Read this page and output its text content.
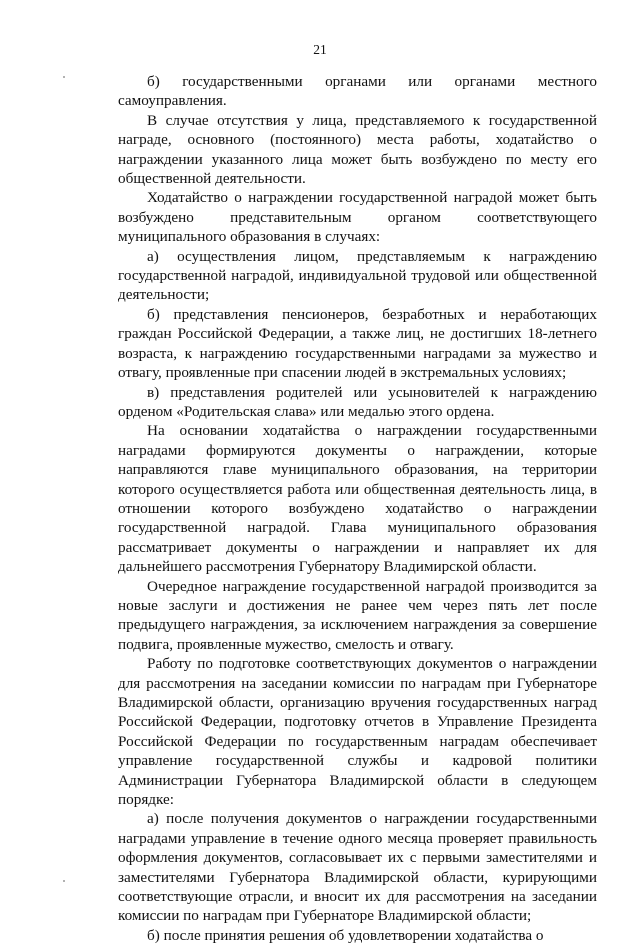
21

б) государственными органами или органами местного самоуправления.

В случае отсутствия у лица, представляемого к государственной награде, основного (постоянного) места работы, ходатайство о награждении указанного лица может быть возбуждено по месту его общественной деятельности.

Ходатайство о награждении государственной наградой может быть возбуждено представительным органом соответствующего муниципального образования в случаях:

а) осуществления лицом, представляемым к награждению государственной наградой, индивидуальной трудовой или общественной деятельности;

б) представления пенсионеров, безработных и неработающих граждан Российской Федерации, а также лиц, не достигших 18-летнего возраста, к награждению государственными наградами за мужество и отвагу, проявленные при спасении людей в экстремальных условиях;

в) представления родителей или усыновителей к награждению орденом «Родительская слава» или медалью этого ордена.

На основании ходатайства о награждении государственными наградами формируются документы о награждении, которые направляются главе муниципального образования, на территории которого осуществляется работа или общественная деятельность лица, в отношении которого возбуждено ходатайство о награждении государственной наградой. Глава муниципального образования рассматривает документы о награждении и направляет их для дальнейшего рассмотрения Губернатору Владимирской области.

Очередное награждение государственной наградой производится за новые заслуги и достижения не ранее чем через пять лет после предыдущего награждения, за исключением награждения за совершение подвига, проявленные мужество, смелость и отвагу.

Работу по подготовке соответствующих документов о награждении для рассмотрения на заседании комиссии по наградам при Губернаторе Владимирской области, организацию вручения государственных наград Российской Федерации, подготовку отчетов в Управление Президента Российской Федерации по государственным наградам обеспечивает управление государственной службы и кадровой политики Администрации Губернатора Владимирской области в следующем порядке:

а) после получения документов о награждении государственными наградами управление в течение одного месяца проверяет правильность оформления документов, согласовывает их с первыми заместителями и заместителями Губернатора Владимирской области, курирующими соответствующие отрасли, и вносит их для рассмотрения на заседании комиссии по наградам при Губернаторе Владимирской области;

б) после принятия решения об удовлетворении ходатайства о
